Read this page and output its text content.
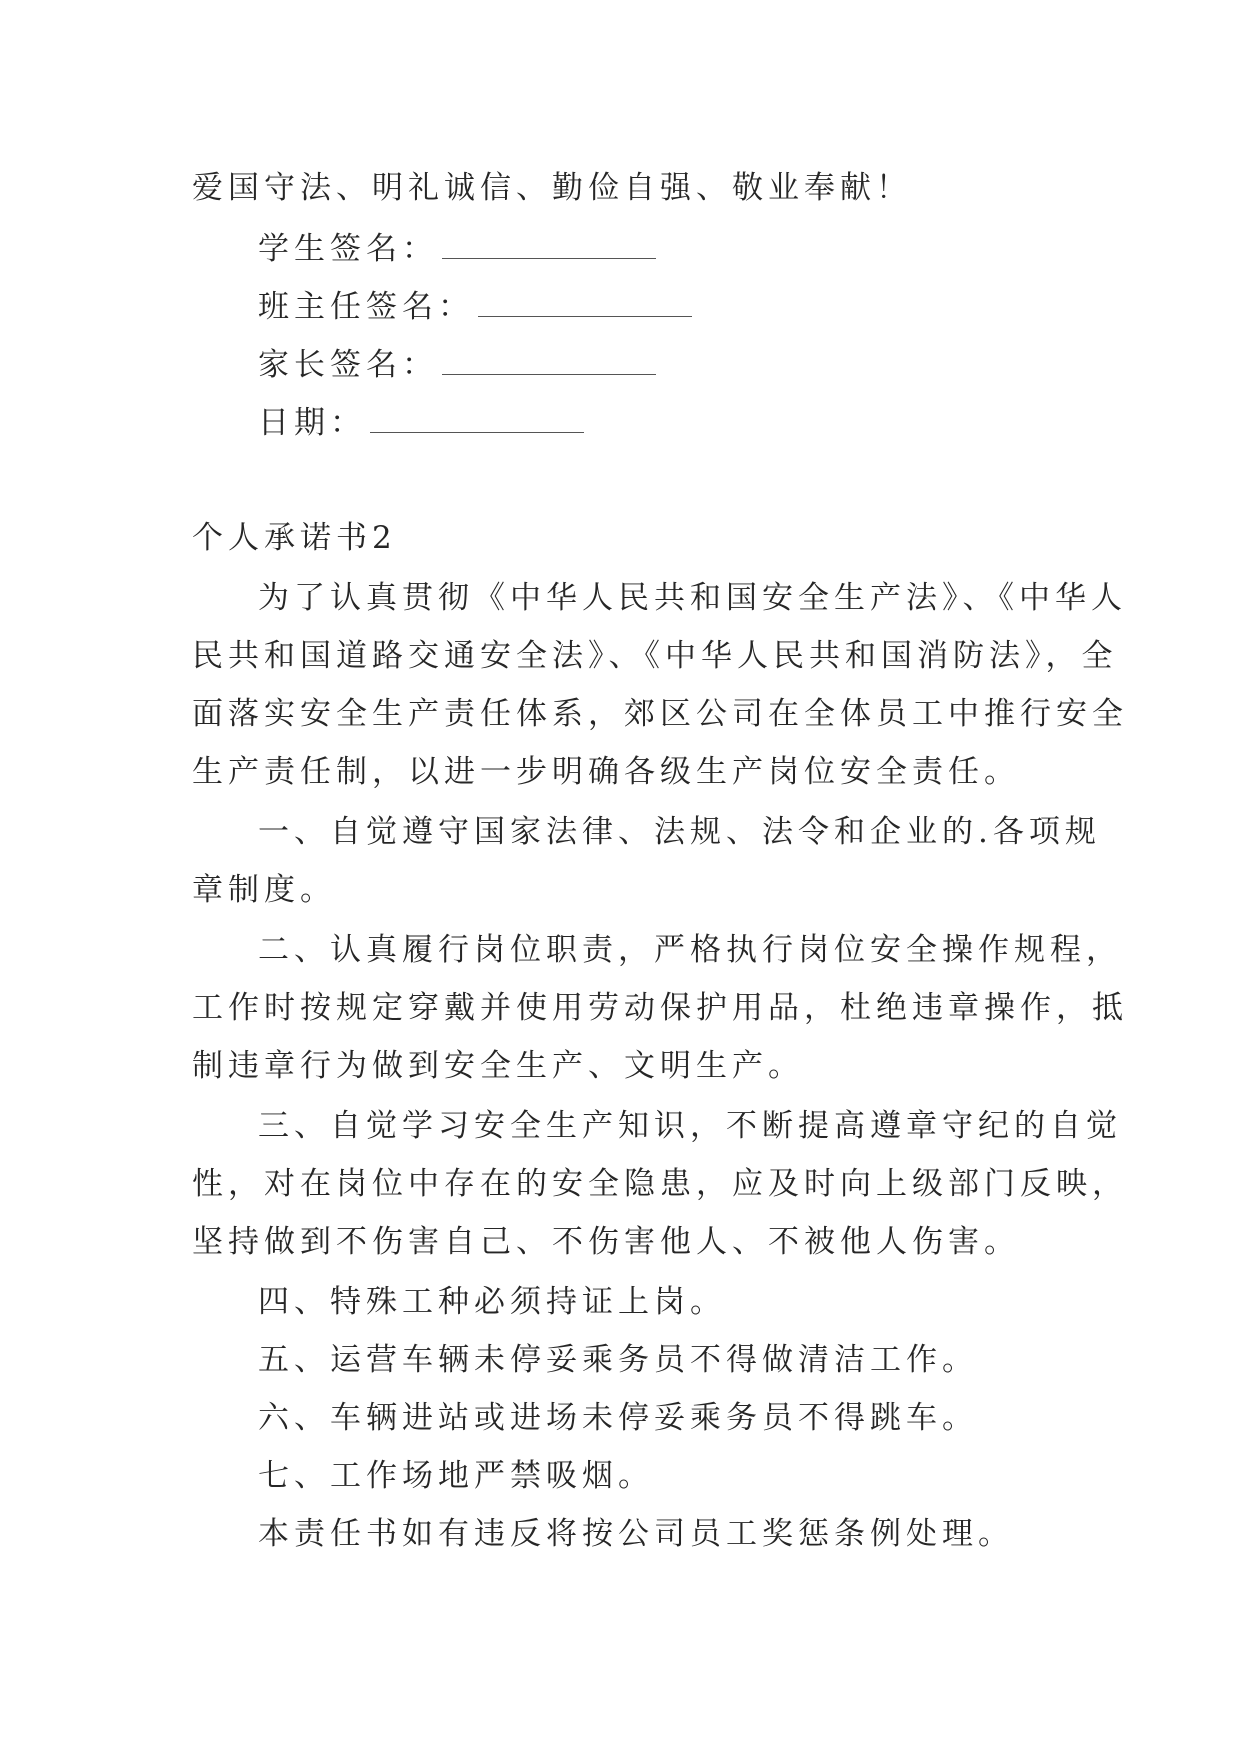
爱国守法、明礼诚信、勤俭自强、敬业奉献！
学生签名：
班主任签名：
家长签名：
日期：
个人承诺书2
为了认真贯彻《中华人民共和国安全生产法》、《中华人
民共和国道路交通安全法》、《中华人民共和国消防法》，全
面落实安全生产责任体系，郊区公司在全体员工中推行安全
生产责任制，以进一步明确各级生产岗位安全责任。
一、自觉遵守国家法律、法规、法令和企业的.各项规
章制度。
二、认真履行岗位职责，严格执行岗位安全操作规程，
工作时按规定穿戴并使用劳动保护用品，杜绝违章操作，抵
制违章行为做到安全生产、文明生产。
三、自觉学习安全生产知识，不断提高遵章守纪的自觉
性，对在岗位中存在的安全隐患，应及时向上级部门反映，
坚持做到不伤害自己、不伤害他人、不被他人伤害。
四、特殊工种必须持证上岗。
五、运营车辆未停妥乘务员不得做清洁工作。
六、车辆进站或进场未停妥乘务员不得跳车。
七、工作场地严禁吸烟。
本责任书如有违反将按公司员工奖惩条例处理。
